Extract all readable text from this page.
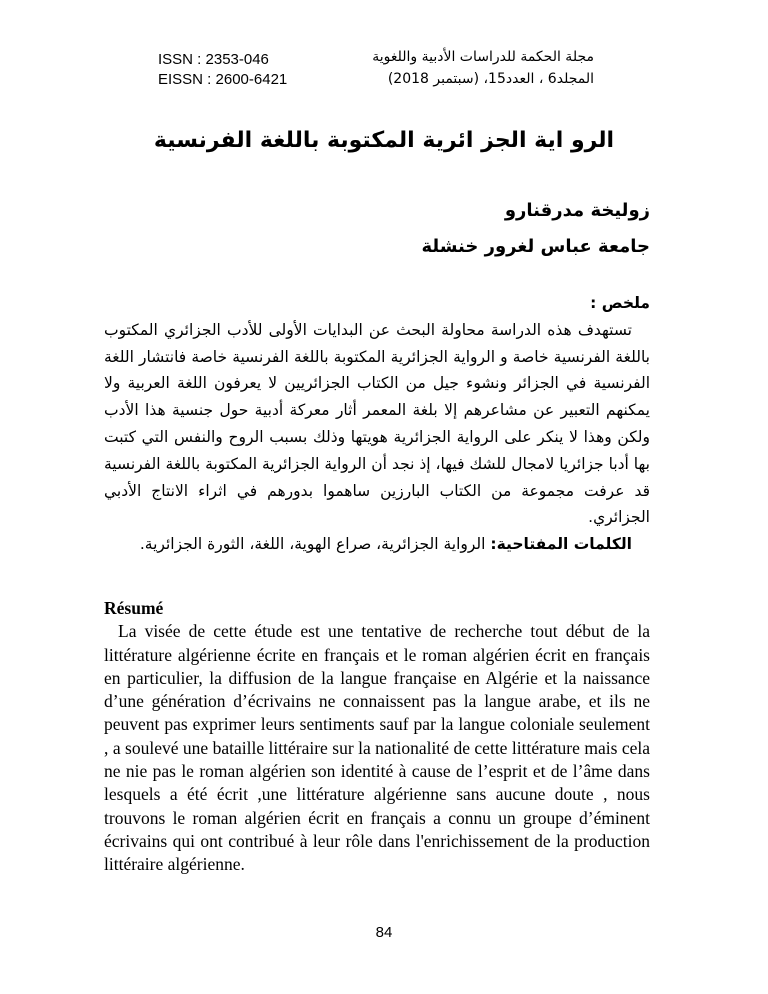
ISSN : 2353-046
EISSN : 2600-6421
مجلة الحكمة للدراسات الأدبية واللغوية
المجلد6 ، العدد15، (سبتمبر 2018)
الرو اية الجز ائرية المكتوبة باللغة الفرنسية
زوليخة مدرقنارو
جامعة عباس لغرور خنشلة
ملخص :

تستهدف هذه الدراسة محاولة البحث عن البدايات الأولى للأدب الجزائري المكتوب باللغة الفرنسية خاصة و الرواية الجزائرية المكتوبة باللغة الفرنسية خاصة فانتشار اللغة الفرنسية في الجزائر ونشوء جيل من الكتاب الجزائريين لا يعرفون اللغة العربية ولا يمكنهم التعبير عن مشاعرهم إلا بلغة المعمر أثار معركة أدبية حول جنسية هذا الأدب ولكن وهذا لا ينكر على الرواية الجزائرية هويتها وذلك بسبب الروح والنفس التي كتبت بها أدبا جزائريا لامجال للشك فيها، إذ نجد أن الرواية الجزائرية المكتوبة باللغة الفرنسية قد عرفت مجموعة من الكتاب البارزين ساهموا بدورهم في اثراء الانتاج الأدبي الجزائري.

الكلمات المفتاحية: الرواية الجزائرية، صراع الهوية، اللغة، الثورة الجزائرية.

Résumé

La visée de cette étude est une tentative de recherche tout début de la littérature algérienne écrite en français et le roman algérien écrit en français en particulier, la diffusion de la langue française en Algérie et la naissance d’une génération d’écrivains ne connaissent pas la langue arabe, et ils ne peuvent pas exprimer leurs sentiments sauf par la langue coloniale seulement , a soulevé une bataille littéraire sur la nationalité de cette littérature mais cela ne nie pas le roman algérien son identité à cause de l’esprit et de l’âme dans lesquels a été écrit ,une littérature algérienne sans aucune doute , nous trouvons le roman algérien écrit en français a connu un groupe d’éminent écrivains qui ont contribué à leur rôle dans l'enrichissement de la production littéraire algérienne.

84
